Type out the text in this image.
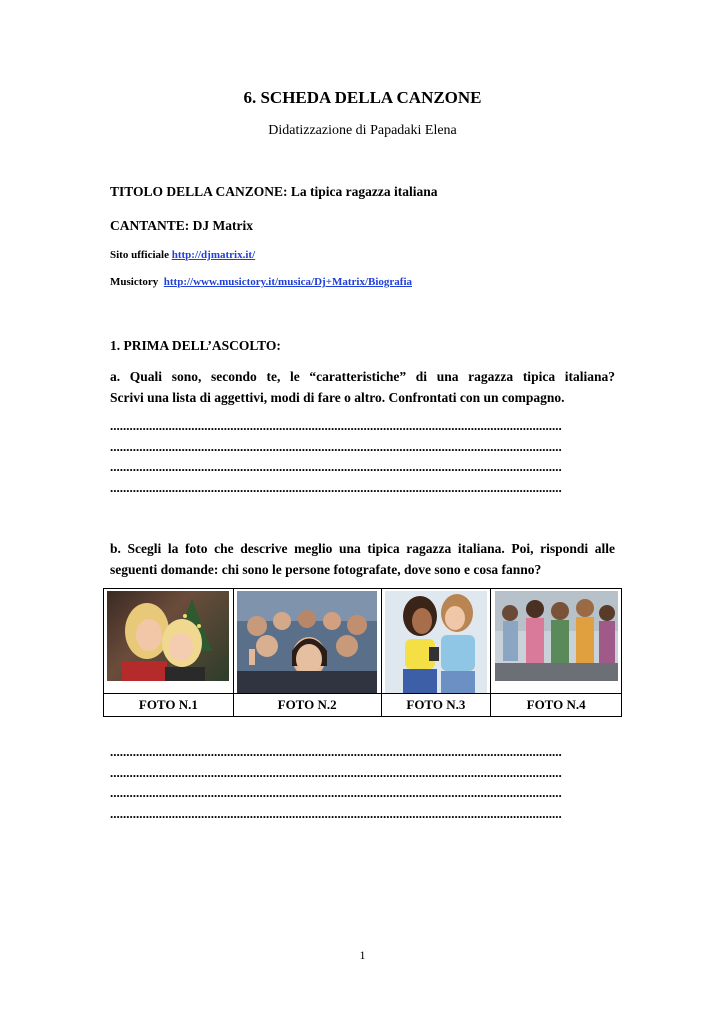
6. SCHEDA DELLA CANZONE
Didatizzazione di Papadaki Elena
TITOLO DELLA CANZONE: La tipica ragazza italiana
CANTANTE: DJ Matrix
Sito ufficiale http://djmatrix.it/
Musictory http://www.musictory.it/musica/Dj+Matrix/Biografia
1. PRIMA DELL’ASCOLTO:
a. Quali sono, secondo te, le “caratteristiche” di una ragazza tipica italiana?
Scrivi una lista di aggettivi, modi di fare o altro. Confrontati con un compagno.
...........................................................................................................................................
...........................................................................................................................................
...........................................................................................................................................
...........................................................................................................................................
b. Scegli la foto che descrive meglio una tipica ragazza italiana. Poi, rispondi alle
seguenti domande: chi sono le persone fotografate, dove sono e cosa fanno?

FOTO N.1	FOTO N.2	FOTO N.3	FOTO N.4
...........................................................................................................................................
...........................................................................................................................................
...........................................................................................................................................
...........................................................................................................................................
1
